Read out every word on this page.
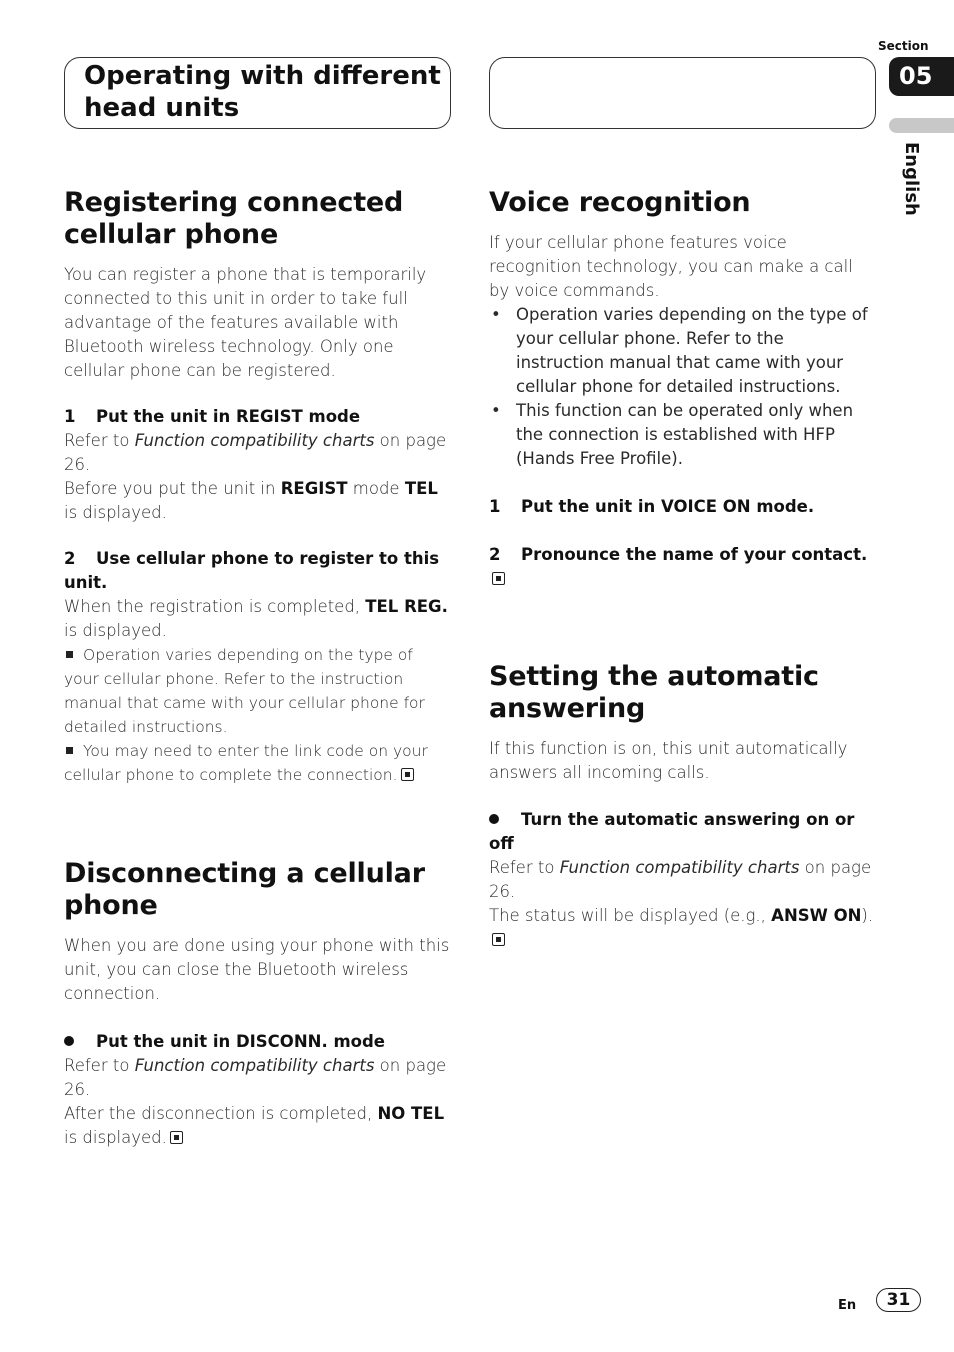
Operating with different head units
Section
05
English
Registering connected cellular phone

You can register a phone that is temporarily connected to this unit in order to take full advantage of the features available with Bluetooth wireless technology. Only one cellular phone can be registered.

1 Put the unit in REGIST mode

Refer to Function compatibility charts on page 26.

Before you put the unit in REGIST mode TEL is displayed.

2 Use cellular phone to register to this unit.

When the registration is completed, TEL REG. is displayed.

Operation varies depending on the type of your cellular phone. Refer to the instruction manual that came with your cellular phone for detailed instructions.

You may need to enter the link code on your cellular phone to complete the connection.

Disconnecting a cellular phone

When you are done using your phone with this unit, you can close the Bluetooth wireless connection.

Put the unit in DISCONN. mode

Refer to Function compatibility charts on page 26.

After the disconnection is completed, NO TEL is displayed.

Voice recognition

If your cellular phone features voice recognition technology, you can make a call by voice commands.

• Operation varies depending on the type of your cellular phone. Refer to the instruction manual that came with your cellular phone for detailed instructions.
• This function can be operated only when the connection is established with HFP (Hands Free Profile).
1 Put the unit in VOICE ON mode.
2 Pronounce the name of your contact.
Setting the automatic answering

If this function is on, this unit automatically answers all incoming calls.

Turn the automatic answering on or off

Refer to Function compatibility charts on page 26.

The status will be displayed (e.g., ANSW ON).

En	31
